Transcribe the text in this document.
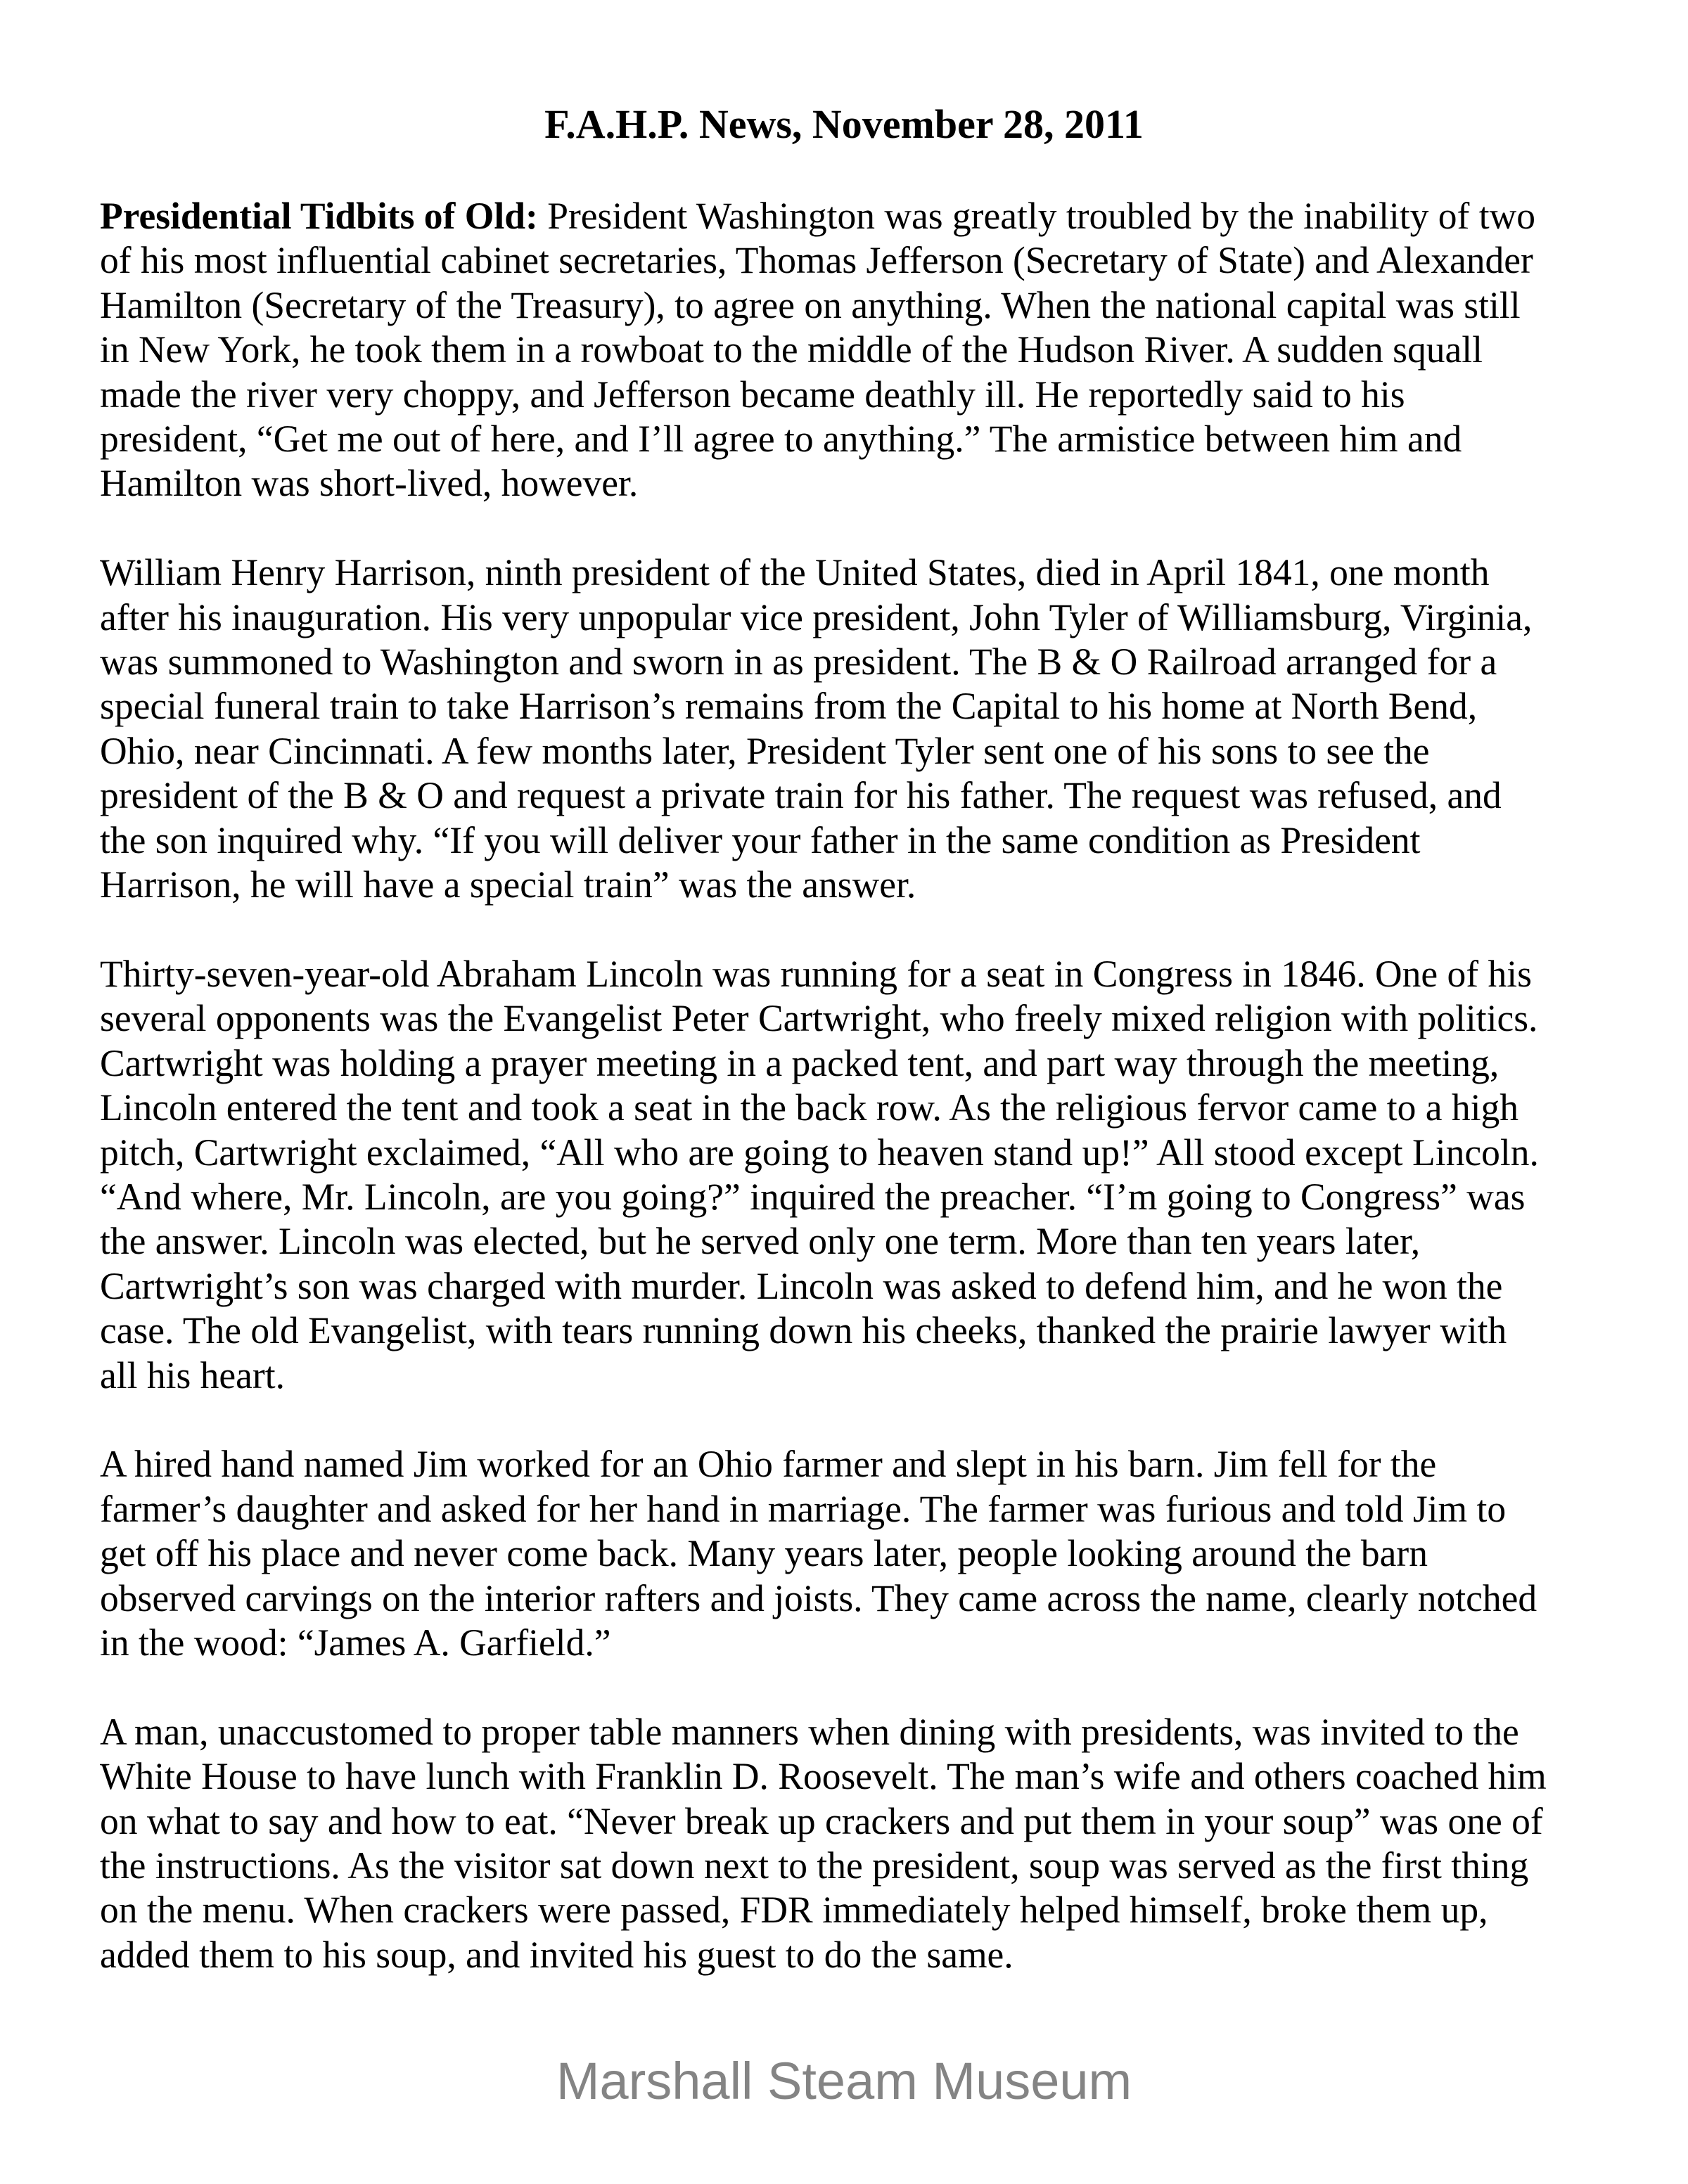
F.A.H.P. News, November 28, 2011
Presidential Tidbits of Old: President Washington was greatly troubled by the inability of two
of his most influential cabinet secretaries, Thomas Jefferson (Secretary of State) and Alexander
Hamilton (Secretary of the Treasury), to agree on anything. When the national capital was still
in New York, he took them in a rowboat to the middle of the Hudson River. A sudden squall
made the river very choppy, and Jefferson became deathly ill. He reportedly said to his
president, “Get me out of here, and I’ll agree to anything.” The armistice between him and
Hamilton was short-lived, however.
William Henry Harrison, ninth president of the United States, died in April 1841, one month
after his inauguration. His very unpopular vice president, John Tyler of Williamsburg, Virginia,
was summoned to Washington and sworn in as president. The B & O Railroad arranged for a
special funeral train to take Harrison’s remains from the Capital to his home at North Bend,
Ohio, near Cincinnati. A few months later, President Tyler sent one of his sons to see the
president of the B & O and request a private train for his father. The request was refused, and
the son inquired why. “If you will deliver your father in the same condition as President
Harrison, he will have a special train” was the answer.
Thirty-seven-year-old Abraham Lincoln was running for a seat in Congress in 1846. One of his
several opponents was the Evangelist Peter Cartwright, who freely mixed religion with politics.
Cartwright was holding a prayer meeting in a packed tent, and part way through the meeting,
Lincoln entered the tent and took a seat in the back row. As the religious fervor came to a high
pitch, Cartwright exclaimed, “All who are going to heaven stand up!” All stood except Lincoln.
“And where, Mr. Lincoln, are you going?” inquired the preacher. “I’m going to Congress” was
the answer. Lincoln was elected, but he served only one term. More than ten years later,
Cartwright’s son was charged with murder. Lincoln was asked to defend him, and he won the
case. The old Evangelist, with tears running down his cheeks, thanked the prairie lawyer with
all his heart.
A hired hand named Jim worked for an Ohio farmer and slept in his barn. Jim fell for the
farmer’s daughter and asked for her hand in marriage. The farmer was furious and told Jim to
get off his place and never come back. Many years later, people looking around the barn
observed carvings on the interior rafters and joists. They came across the name, clearly notched
in the wood: “James A. Garfield.”
A man, unaccustomed to proper table manners when dining with presidents, was invited to the
White House to have lunch with Franklin D. Roosevelt. The man’s wife and others coached him
on what to say and how to eat. “Never break up crackers and put them in your soup” was one of
the instructions. As the visitor sat down next to the president, soup was served as the first thing
on the menu. When crackers were passed, FDR immediately helped himself, broke them up,
added them to his soup, and invited his guest to do the same.
Marshall Steam Museum
